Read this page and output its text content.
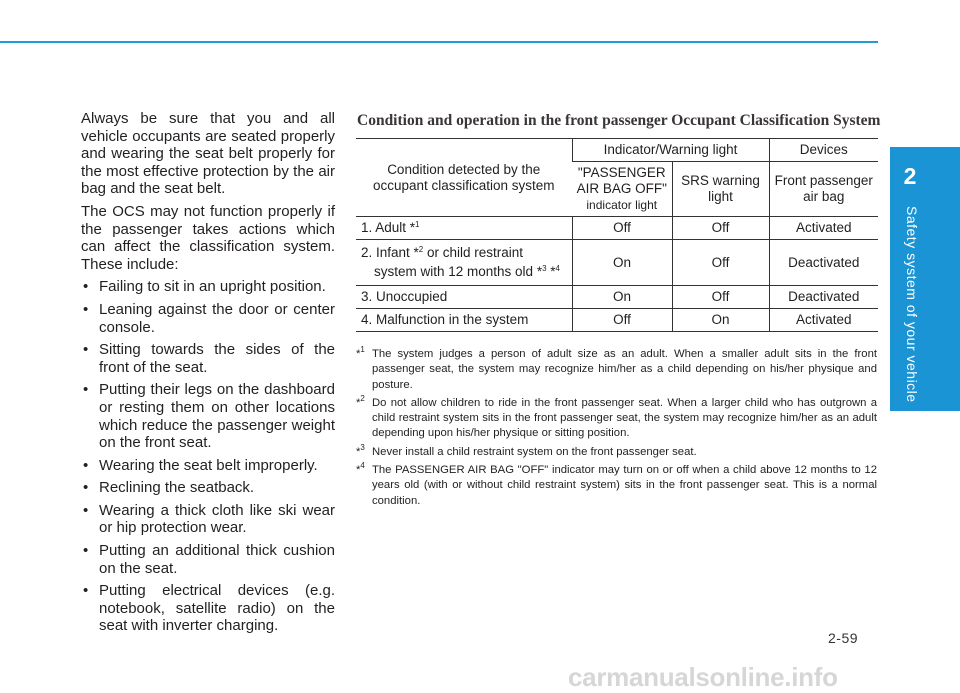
2
Safety system of your vehicle

Always be sure that you and all vehicle occupants are seated properly and wearing the seat belt properly for the most effective protection by the air bag and the seat belt.

The OCS may not function properly if the passenger takes actions which can affect the classification system. These include:

• Failing to sit in an upright position.
• Leaning against the door or center console.
• Sitting towards the sides of the front of the seat.
• Putting their legs on the dashboard or resting them on other locations which reduce the passenger weight on the front seat.
• Wearing the seat belt improperly.
• Reclining the seatback.
• Wearing a thick cloth like ski wear or hip protection wear.
• Putting an additional thick cushion on the seat.
• Putting electrical devices (e.g. notebook, satellite radio) on the seat with inverter charging.
Condition and operation in the front passenger Occupant Classification System
Condition detected by the occupant classification system	Indicator/Warning light		Devices

	"PASSENGER AIR BAG OFF"
indicator light	SRS warning light	Front passenger air bag
1. Adult *$^1$	Off	Off	Activated

2. Infant *$^2$ or child restraint
system with 12 months old *$^3$ *$^4$	On	Off	Deactivated
3. Unoccupied	On	Off	Deactivated
4. Malfunction in the system	Off	On	Activated
*$^1$ The system judges a person of adult size as an adult. When a smaller adult sits in the front passenger seat, the system may recognize him/her as a child depending on his/her physique and posture.
*$^2$ Do not allow children to ride in the front passenger seat. When a larger child who has outgrown a child restraint system sits in the front passenger seat, the system may recognize him/her as an adult depending upon his/her physique or sitting position.
*$^3$ Never install a child restraint system on the front passenger seat.
*$^4$ The PASSENGER AIR BAG "OFF" indicator may turn on or off when a child above 12 months to 12 years old (with or without child restraint system) sits in the front passenger seat. This is a normal condition.
2-59
carmanualsonline.info
